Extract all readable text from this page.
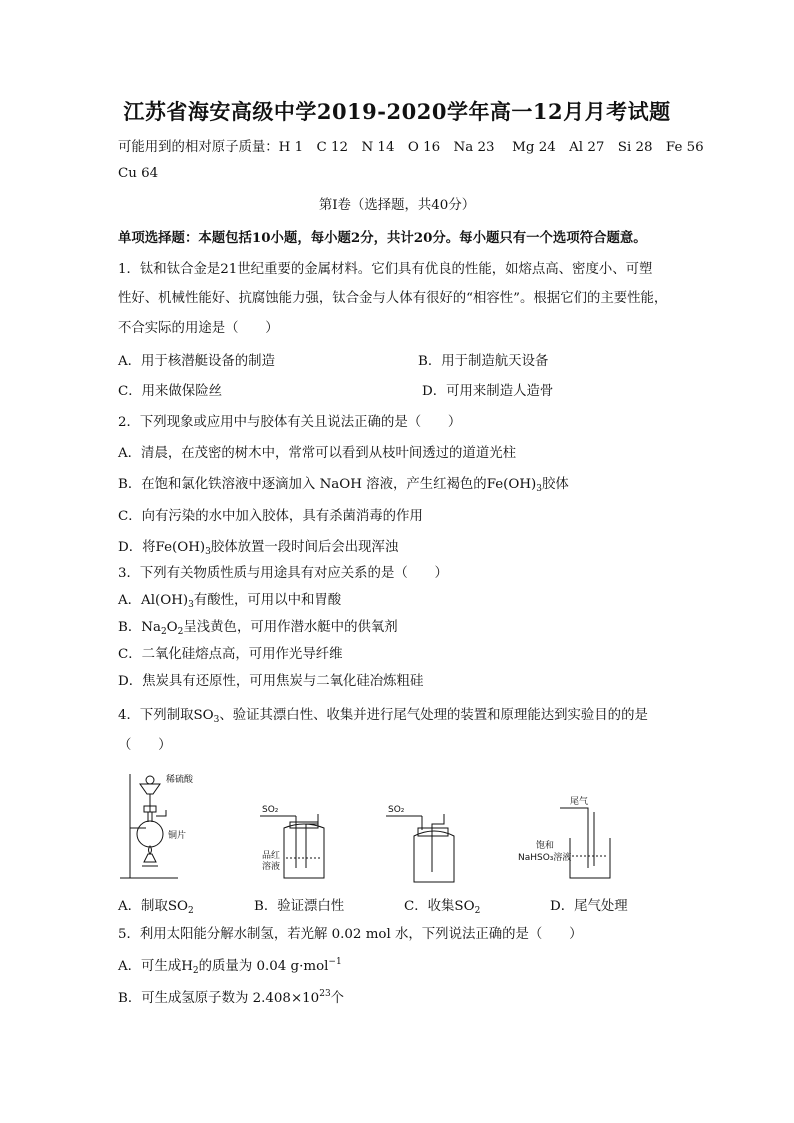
江苏省海安高级中学2019-2020学年高一12月月考试题
可能用到的相对原子质量：H 1　C 12　N 14　O 16　Na 23　 Mg 24　Al 27　Si 28　Fe 56
Cu 64
第Ⅰ卷（选择题，共40分）
单项选择题：本题包括10小题，每小题2分，共计20分。每小题只有一个选项符合题意。
1．钛和钛合金是21世纪重要的金属材料。它们具有优良的性能，如熔点高、密度小、可塑
性好、机械性能好、抗腐蚀能力强，钛合金与人体有很好的“相容性”。根据它们的主要性能，
不合实际的用途是（　　）
A．用于核潜艇设备的制造	B．用于制造航天设备
C．用来做保险丝	D．可用来制造人造骨
2．下列现象或应用中与胶体有关且说法正确的是（　　）
A．清晨，在茂密的树木中，常常可以看到从枝叶间透过的道道光柱
B．在饱和氯化铁溶液中逐滴加入 NaOH 溶液，产生红褐色的$Fe(OH)_3$胶体
C．向有污染的水中加入胶体，具有杀菌消毒的作用
D．将$Fe(OH)_3$胶体放置一段时间后会出现浑浊
3．下列有关物质性质与用途具有对应关系的是（　　）
A．$Al(OH)_3$有酸性，可用以中和胃酸
B．$Na_2O_2$呈浅黄色，可用作潜水艇中的供氧剂
C．二氧化硅熔点高，可用作光导纤维
D．焦炭具有还原性，可用焦炭与二氧化硅冶炼粗硅
4．下列制取$SO_3$、验证其漂白性、收集并进行尾气处理的装置和原理能达到实验目的的是
（　　）
稀硫酸
铜片
SO₂
品红
溶液
SO₂
尾气
饱和
NaHSO₃溶液
A．制取$SO_2$	B．验证漂白性	C．收集$SO_2$	D．尾气处理
5．利用太阳能分解水制氢，若光解 0.02 mol 水，下列说法正确的是（　　）
A．可生成$H_2$的质量为 0.04 g·mol$^{-1}$
B．可生成氢原子数为 $2.408\times 10^{23}$个
